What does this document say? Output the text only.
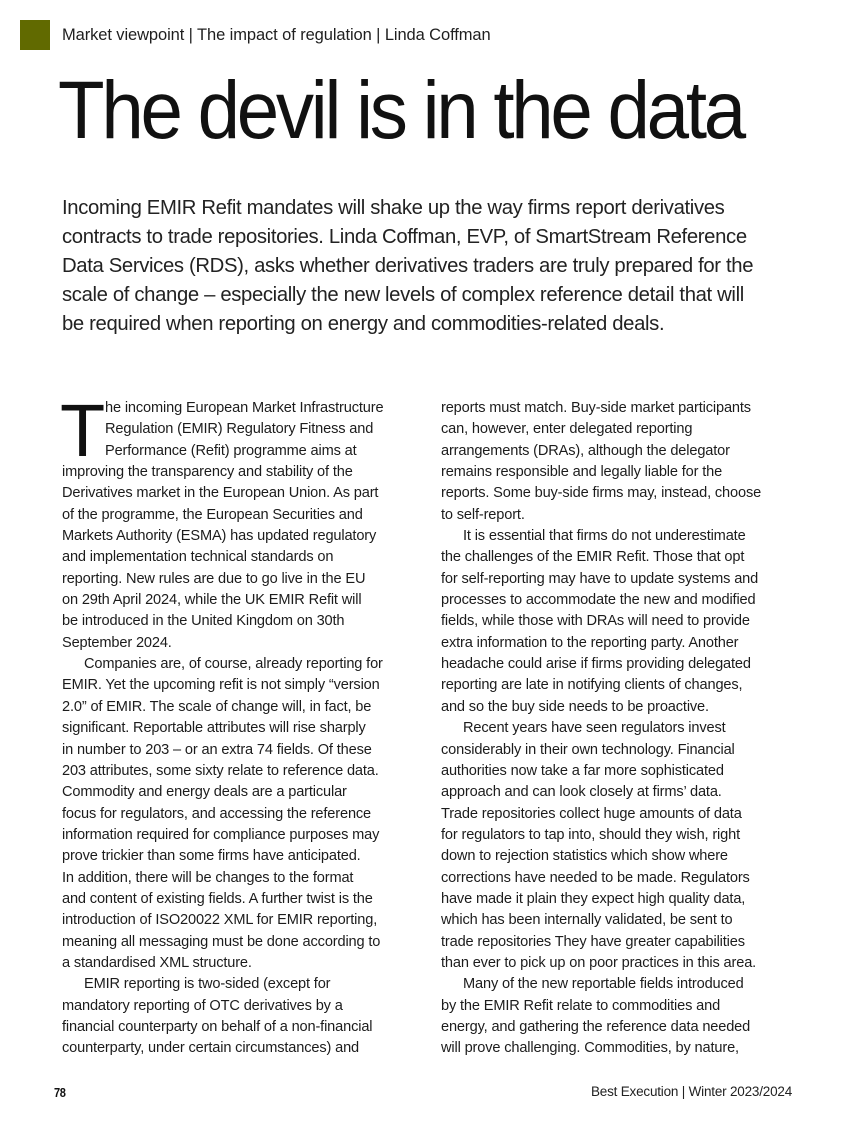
Market viewpoint | The impact of regulation | Linda Coffman
The devil is in the data
Incoming EMIR Refit mandates will shake up the way firms report derivatives
contracts to trade repositories. Linda Coffman, EVP, of SmartStream Reference
Data Services (RDS), asks whether derivatives traders are truly prepared for the
scale of change – especially the new levels of complex reference detail that will
be required when reporting on energy and commodities-related deals.
T he incoming European Market Infrastructure
Regulation (EMIR) Regulatory Fitness and
Performance (Refit) programme aims at
improving the transparency and stability of the
Derivatives market in the European Union. As part
of the programme, the European Securities and
Markets Authority (ESMA) has updated regulatory
and implementation technical standards on
reporting. New rules are due to go live in the EU
on 29th April 2024, while the UK EMIR Refit will
be introduced in the United Kingdom on 30th
September 2024.
Companies are, of course, already reporting for
EMIR. Yet the upcoming refit is not simply “version
2.0” of EMIR. The scale of change will, in fact, be
significant. Reportable attributes will rise sharply
in number to 203 – or an extra 74 fields. Of these
203 attributes, some sixty relate to reference data.
Commodity and energy deals are a particular
focus for regulators, and accessing the reference
information required for compliance purposes may
prove trickier than some firms have anticipated.
In addition, there will be changes to the format
and content of existing fields. A further twist is the
introduction of ISO20022 XML for EMIR reporting,
meaning all messaging must be done according to
a standardised XML structure.
EMIR reporting is two-sided (except for
mandatory reporting of OTC derivatives by a
financial counterparty on behalf of a non-financial
counterparty, under certain circumstances) and
reports must match. Buy-side market participants
can, however, enter delegated reporting
arrangements (DRAs), although the delegator
remains responsible and legally liable for the
reports. Some buy-side firms may, instead, choose
to self-report.
It is essential that firms do not underestimate
the challenges of the EMIR Refit. Those that opt
for self-reporting may have to update systems and
processes to accommodate the new and modified
fields, while those with DRAs will need to provide
extra information to the reporting party. Another
headache could arise if firms providing delegated
reporting are late in notifying clients of changes,
and so the buy side needs to be proactive.
Recent years have seen regulators invest
considerably in their own technology. Financial
authorities now take a far more sophisticated
approach and can look closely at firms’ data.
Trade repositories collect huge amounts of data
for regulators to tap into, should they wish, right
down to rejection statistics which show where
corrections have needed to be made. Regulators
have made it plain they expect high quality data,
which has been internally validated, be sent to
trade repositories They have greater capabilities
than ever to pick up on poor practices in this area.
Many of the new reportable fields introduced
by the EMIR Refit relate to commodities and
energy, and gathering the reference data needed
will prove challenging. Commodities, by nature,
78	Best Execution | Winter 2023/2024
